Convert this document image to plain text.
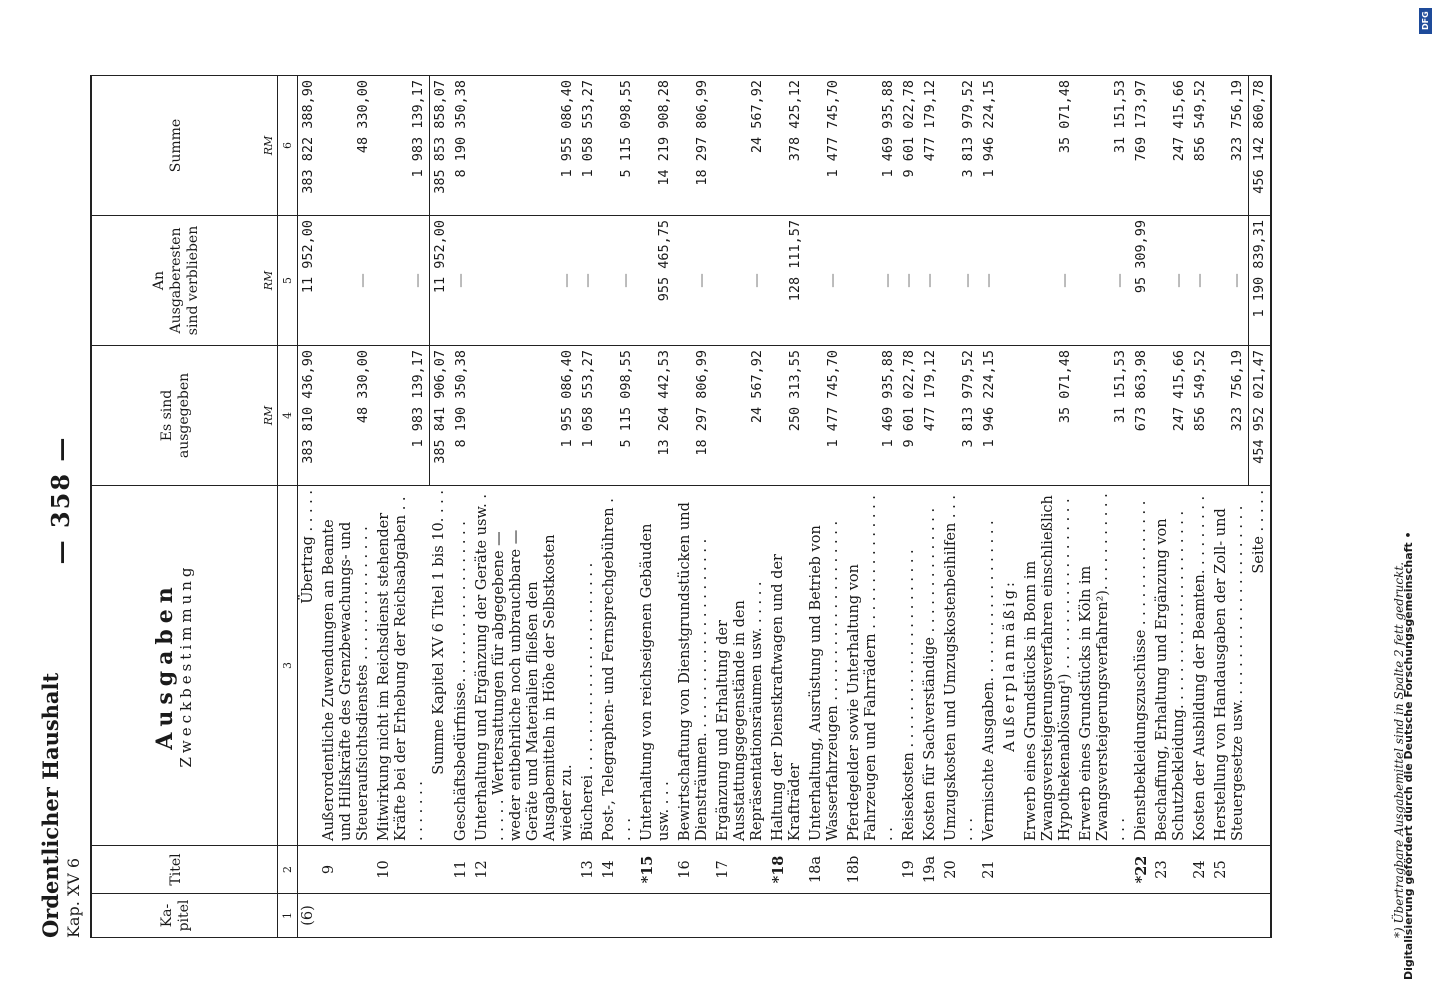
Ordentlicher Haushalt Kap. XV 6
— 358 —
Ka-pitel	Titel	Ausgaben Zweckbestimmung	Es sind ausgegeben	An Ausgaberesten sind verblieben	Summe
			RM	RM	RM
1	2	3	4	5	6
(6)		Übertrag . . . . .	383 810 436,90	11 952,00	383 822 388,90
	9	Außerordentliche Zuwendungen an Beamte und Hilfskräfte des Grenzbewachungs- und Steueraufsichtsdienstes . . . . . . . . . . . . . . .	48 330,00	—	48 330,00
	10	Mitwirkung nicht im Reichsdienst stehender Kräfte bei der Erhebung der Reichsabgaben . . . . . . . . .	1 983 139,17	—	1 983 139,17
		Summe Kapitel XV 6 Titel 1 bis 10. . . .	385 841 906,07	11 952,00	385 853 858,07
	11	Geschäftsbedürfnisse. . . . . . . . . . . . . . . . . .	8 190 350,38	—	8 190 350,38
	12	Unterhaltung und Ergänzung der Geräte usw. . . . . . . Wertersattungen für abgegebene — weder entbehrliche noch unbrauchbare — Geräte und Materialien fließen den Ausgabemitteln in Höhe der Selbstkosten wieder zu.	1 955 086,40	—	1 955 086,40
	13	Bücherei . . . . . . . . . . . . . . . . . . . . . . .	1 058 553,27	—	1 058 553,27
	14	Post-, Telegraphen- und Fernsprechgebühren . . . .	5 115 098,55	—	5 115 098,55
	*15	Unterhaltung von reichseigenen Gebäuden usw. . . .	13 264 442,53	955 465,75	14 219 908,28
	16	Bewirtschaftung von Dienstgrundstücken und Diensträumen. . . . . . . . . . . . . . . . . . . . . .	18 297 806,99	—	18 297 806,99
	17	Ergänzung und Erhaltung der Ausstattungsgegenstände in den Repräsentationsräumen usw. . . . . .	24 567,92	—	24 567,92
	*18	Haltung der Dienstkraftwagen und der Krafträder	250 313,55	128 111,57	378 425,12
	18a	Unterhaltung, Ausrüstung und Betrieb von Wasserfahrzeugen . . . . . . . . . . . . . . . . . . . .	1 477 745,70	—	1 477 745,70
	18b	Pferdegelder sowie Unterhaltung von Fahrzeugen und Fahrrädern . . . . . . . . . . . . . . . . .	1 469 935,88	—	1 469 935,88
	19	Reisekosten . . . . . . . . . . . . . . . . . . . . . .	9 601 022,78	—	9 601 022,78
	19a	Kosten für Sachverständige . . . . . . . . . . . . . .	477 179,12	—	477 179,12
	20	Umzugskosten und Umzugskostenbeihilfen . . . . . .	3 813 979,52	—	3 813 979,52
	21	Vermischte Ausgaben. . . . . . . . . . . . . . . . . .	1 946 224,15	—	1 946 224,15
		Außerplanmäßig:			
		Erwerb eines Grundstücks in Bonn im Zwangsversteigerungsverfahren einschließlich Hypothekenablösung¹) . . . . . . . . . . . . . . . . . . .	35 071,48	—	35 071,48
		Erwerb eines Grundstücks in Köln im Zwangsversteigerungsverfahren²). . . . . . . . . . . . . .	31 151,53	—	31 151,53
	*22	Dienstbekleidungszuschüsse . . . . . . . . . . . . . .	673 863,98	95 309,99	769 173,97
	23	Beschaffung, Erhaltung und Ergänzung von Schutzbekleidung. . . . . . . . . . . . . . . . . . . . . .	247 415,66	—	247 415,66
	24	Kosten der Ausbildung der Beamten. . . . . . . . .	856 549,52	—	856 549,52
	25	Herstellung von Handausgaben der Zoll- und Steuergesetze usw. . . . . . . . . . . . . . . . . . . . . .	323 756,19	—	323 756,19
		Seite . . . . .	454 952 021,47	1 190 839,31	456 142 860,78
*) Übertragbare Ausgabemittel sind in Spalte 2 fett gedruckt.
Digitalisierung gefördert durch die Deutsche Forschungsgemeinschaft •
DFG
